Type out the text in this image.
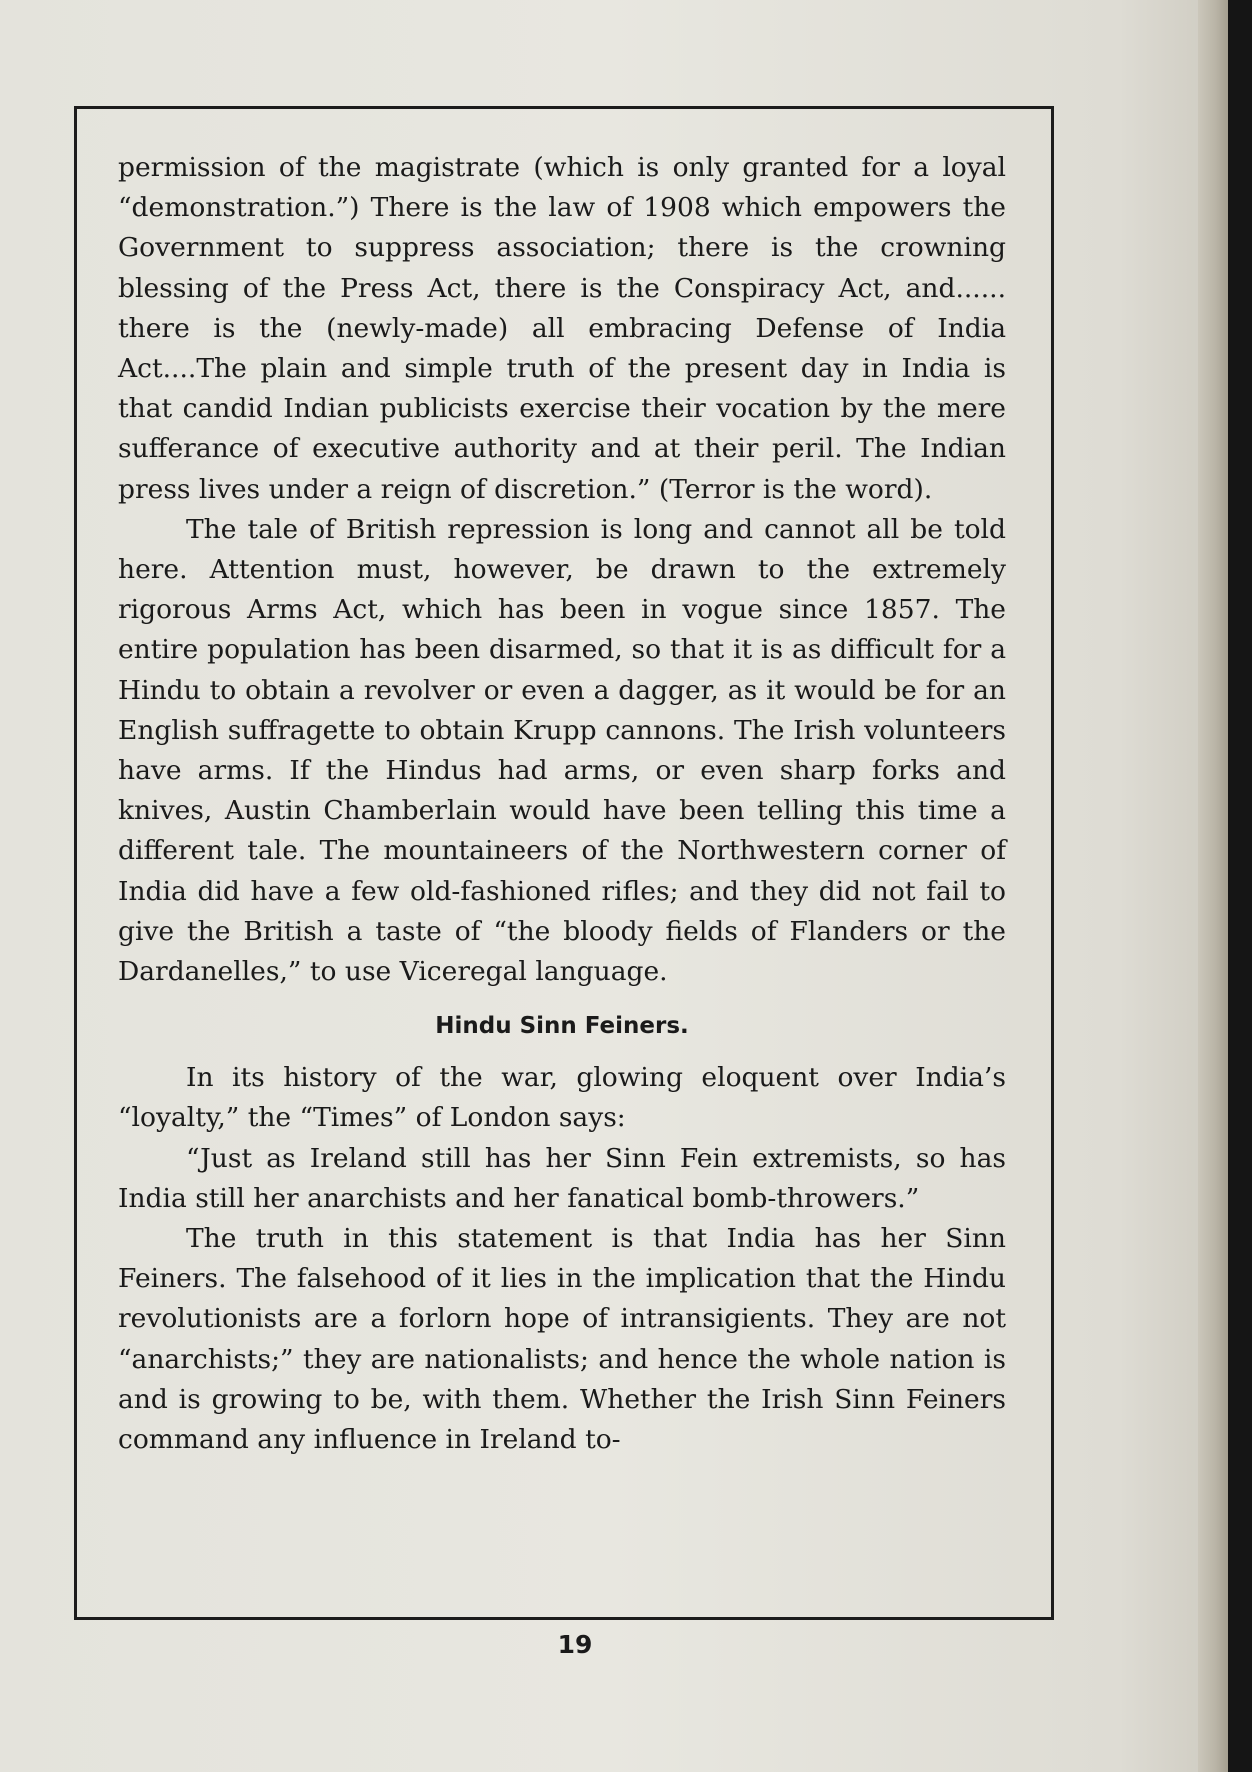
permission of the magistrate (which is only granted for a loyal “demonstration.”) There is the law of 1908 which empowers the Government to suppress association; there is the crowning blessing of the Press Act, there is the Conspiracy Act, and...... there is the (newly-made) all embracing Defense of India Act....The plain and simple truth of the present day in India is that candid Indian publicists exercise their vocation by the mere sufferance of executive authority and at their peril. The Indian press lives under a reign of discretion.” (Terror is the word).

The tale of British repression is long and cannot all be told here. Attention must, however, be drawn to the extremely rigorous Arms Act, which has been in vogue since 1857. The entire population has been disarmed, so that it is as difficult for a Hindu to obtain a revolver or even a dagger, as it would be for an English suffragette to obtain Krupp cannons. The Irish volunteers have arms. If the Hindus had arms, or even sharp forks and knives, Austin Chamberlain would have been telling this time a different tale. The mountaineers of the Northwestern corner of India did have a few old-fashioned rifles; and they did not fail to give the British a taste of “the bloody fields of Flanders or the Dardanelles,” to use Viceregal language.

Hindu Sinn Feiners.

In its history of the war, glowing eloquent over India’s “loyalty,” the “Times” of London says:

“Just as Ireland still has her Sinn Fein extremists, so has India still her anarchists and her fanatical bomb-throwers.”

The truth in this statement is that India has her Sinn Feiners. The falsehood of it lies in the implication that the Hindu revolutionists are a forlorn hope of intransigients. They are not “anarchists;” they are nationalists; and hence the whole nation is and is growing to be, with them. Whether the Irish Sinn Feiners command any influence in Ireland to-

19
